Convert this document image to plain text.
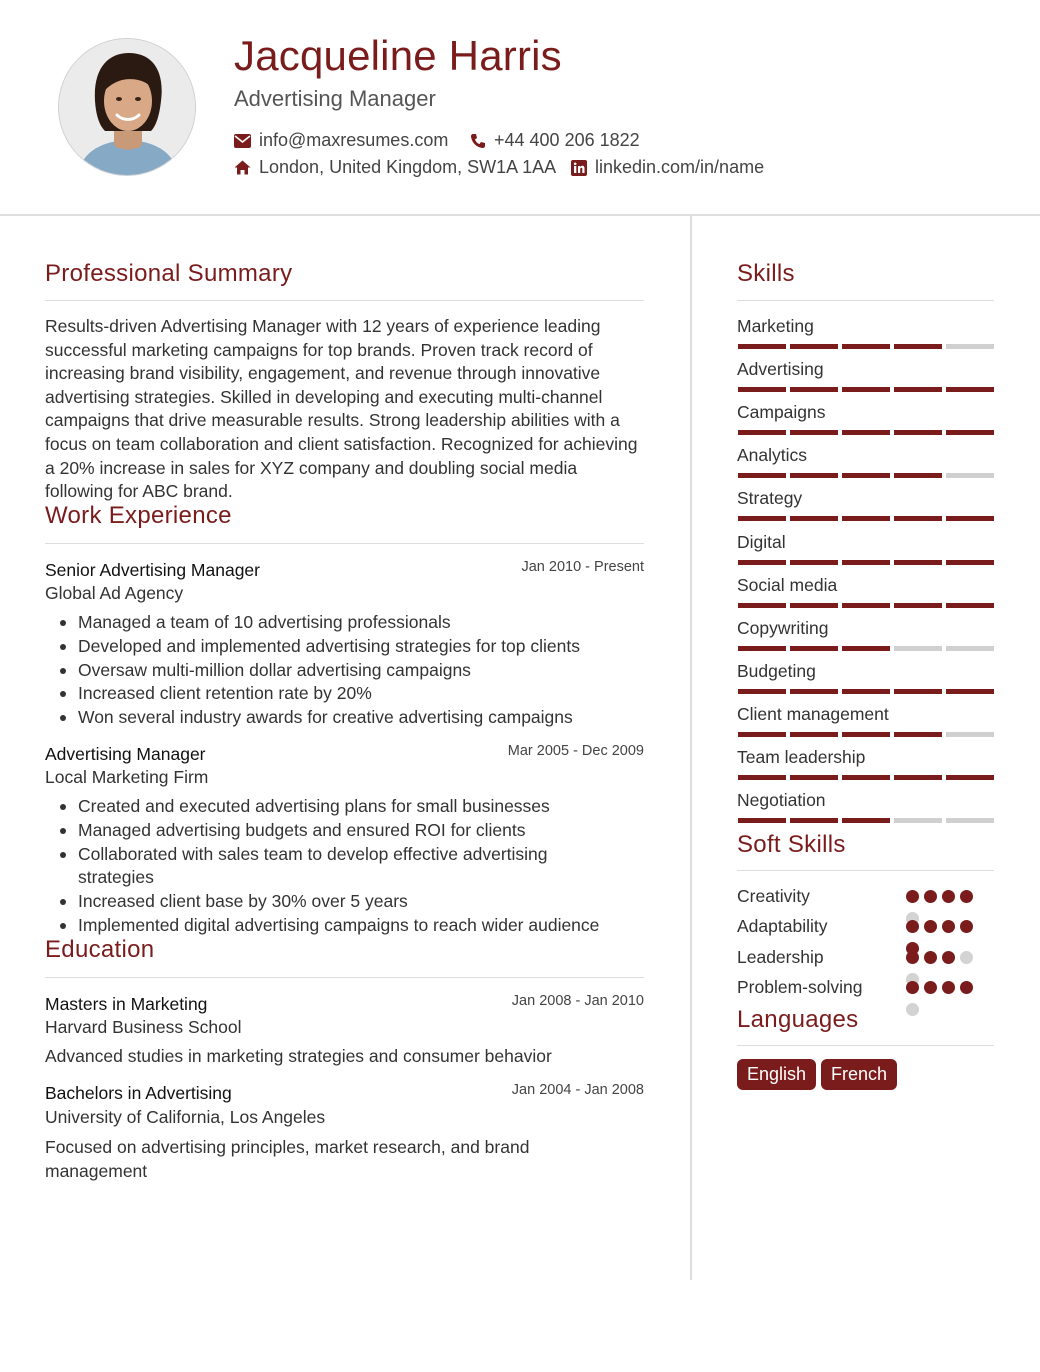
Jacqueline Harris
Advertising Manager
info@maxresumes.com	+44 400 206 1822
London, United Kingdom, SW1A 1AA linkedin.com/in/name
Professional Summary
Results-driven Advertising Manager with 12 years of experience leading successful marketing campaigns for top brands. Proven track record of increasing brand visibility, engagement, and revenue through innovative advertising strategies. Skilled in developing and executing multi-channel campaigns that drive measurable results. Strong leadership abilities with a focus on team collaboration and client satisfaction. Recognized for achieving a 20% increase in sales for XYZ company and doubling social media following for ABC brand.
Work Experience
Senior Advertising Manager	Jan 2010 - Present
Global Ad Agency
Managed a team of 10 advertising professionals
Developed and implemented advertising strategies for top clients
Oversaw multi-million dollar advertising campaigns
Increased client retention rate by 20%
Won several industry awards for creative advertising campaigns
Advertising Manager	Mar 2005 - Dec 2009
Local Marketing Firm
Created and executed advertising plans for small businesses
Managed advertising budgets and ensured ROI for clients
Collaborated with sales team to develop effective advertising strategies
Increased client base by 30% over 5 years
Implemented digital advertising campaigns to reach wider audience
Education
Masters in Marketing	Jan 2008 - Jan 2010
Harvard Business School
Advanced studies in marketing strategies and consumer behavior
Bachelors in Advertising	Jan 2004 - Jan 2008
University of California, Los Angeles
Focused on advertising principles, market research, and brand management
Skills
Marketing
Advertising
Campaigns
Analytics
Strategy
Digital
Social media
Copywriting
Budgeting
Client management
Team leadership
Negotiation
Soft Skills
Creativity
Adaptability
Leadership
Problem-solving
Languages
English	French
